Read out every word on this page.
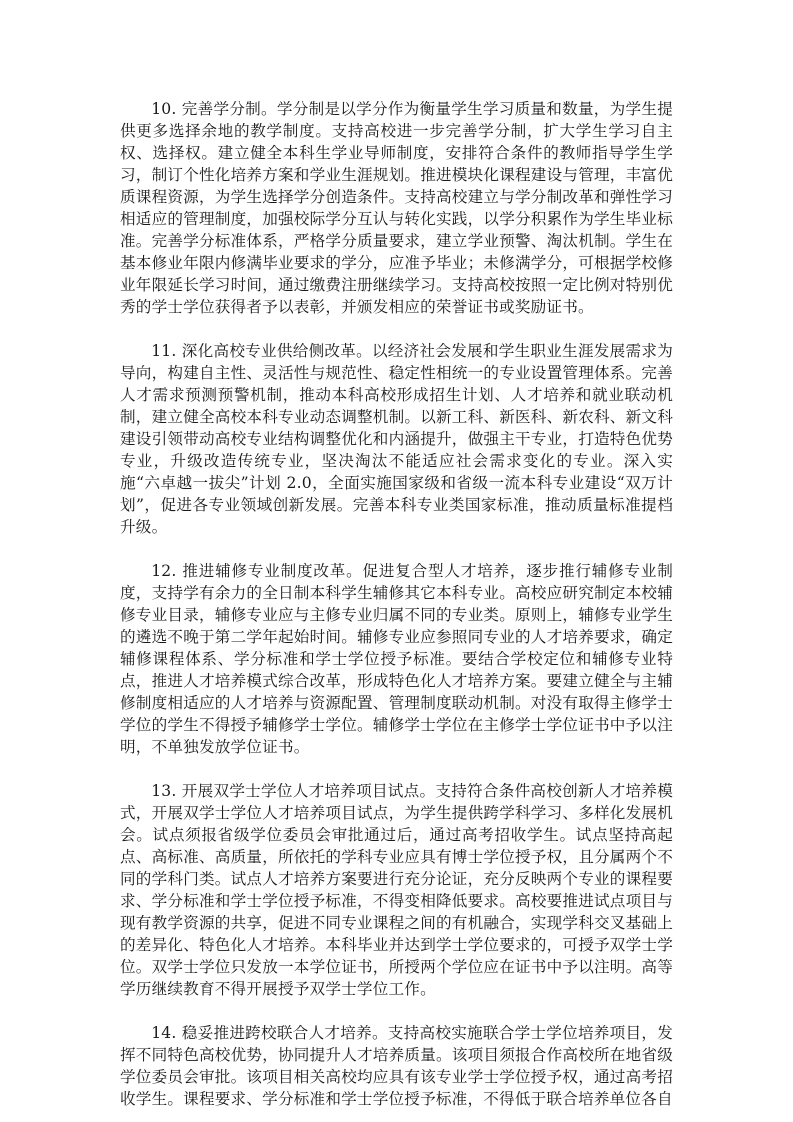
10. 完善学分制。学分制是以学分作为衡量学生学习质量和数量，为学生提供更多选择余地的教学制度。支持高校进一步完善学分制，扩大学生学习自主权、选择权。建立健全本科生学业导师制度，安排符合条件的教师指导学生学习，制订个性化培养方案和学业生涯规划。推进模块化课程建设与管理，丰富优质课程资源，为学生选择学分创造条件。支持高校建立与学分制改革和弹性学习相适应的管理制度，加强校际学分互认与转化实践，以学分积累作为学生毕业标准。完善学分标准体系，严格学分质量要求，建立学业预警、淘汰机制。学生在基本修业年限内修满毕业要求的学分，应准予毕业；未修满学分，可根据学校修业年限延长学习时间，通过缴费注册继续学习。支持高校按照一定比例对特别优秀的学士学位获得者予以表彰，并颁发相应的荣誉证书或奖励证书。

11. 深化高校专业供给侧改革。以经济社会发展和学生职业生涯发展需求为导向，构建自主性、灵活性与规范性、稳定性相统一的专业设置管理体系。完善人才需求预测预警机制，推动本科高校形成招生计划、人才培养和就业联动机制，建立健全高校本科专业动态调整机制。以新工科、新医科、新农科、新文科建设引领带动高校专业结构调整优化和内涵提升，做强主干专业，打造特色优势专业，升级改造传统专业，坚决淘汰不能适应社会需求变化的专业。深入实施“六卓越一拔尖”计划 2.0，全面实施国家级和省级一流本科专业建设“双万计划”，促进各专业领域创新发展。完善本科专业类国家标准，推动质量标准提档升级。

12. 推进辅修专业制度改革。促进复合型人才培养，逐步推行辅修专业制度，支持学有余力的全日制本科学生辅修其它本科专业。高校应研究制定本校辅修专业目录，辅修专业应与主修专业归属不同的专业类。原则上，辅修专业学生的遴选不晚于第二学年起始时间。辅修专业应参照同专业的人才培养要求，确定辅修课程体系、学分标准和学士学位授予标准。要结合学校定位和辅修专业特点，推进人才培养模式综合改革，形成特色化人才培养方案。要建立健全与主辅修制度相适应的人才培养与资源配置、管理制度联动机制。对没有取得主修学士学位的学生不得授予辅修学士学位。辅修学士学位在主修学士学位证书中予以注明，不单独发放学位证书。

13. 开展双学士学位人才培养项目试点。支持符合条件高校创新人才培养模式，开展双学士学位人才培养项目试点，为学生提供跨学科学习、多样化发展机会。试点须报省级学位委员会审批通过后，通过高考招收学生。试点坚持高起点、高标准、高质量，所依托的学科专业应具有博士学位授予权，且分属两个不同的学科门类。试点人才培养方案要进行充分论证，充分反映两个专业的课程要求、学分标准和学士学位授予标准，不得变相降低要求。高校要推进试点项目与现有教学资源的共享，促进不同专业课程之间的有机融合，实现学科交叉基础上的差异化、特色化人才培养。本科毕业并达到学士学位要求的，可授予双学士学位。双学士学位只发放一本学位证书，所授两个学位应在证书中予以注明。高等学历继续教育不得开展授予双学士学位工作。

14. 稳妥推进跨校联合人才培养。支持高校实施联合学士学位培养项目，发挥不同特色高校优势，协同提升人才培养质量。该项目须报合作高校所在地省级学位委员会审批。该项目相关高校均应具有该专业学士学位授予权，通过高考招收学生。课程要求、学分标准和学士学位授予标准，不得低于联合培养单位各自
